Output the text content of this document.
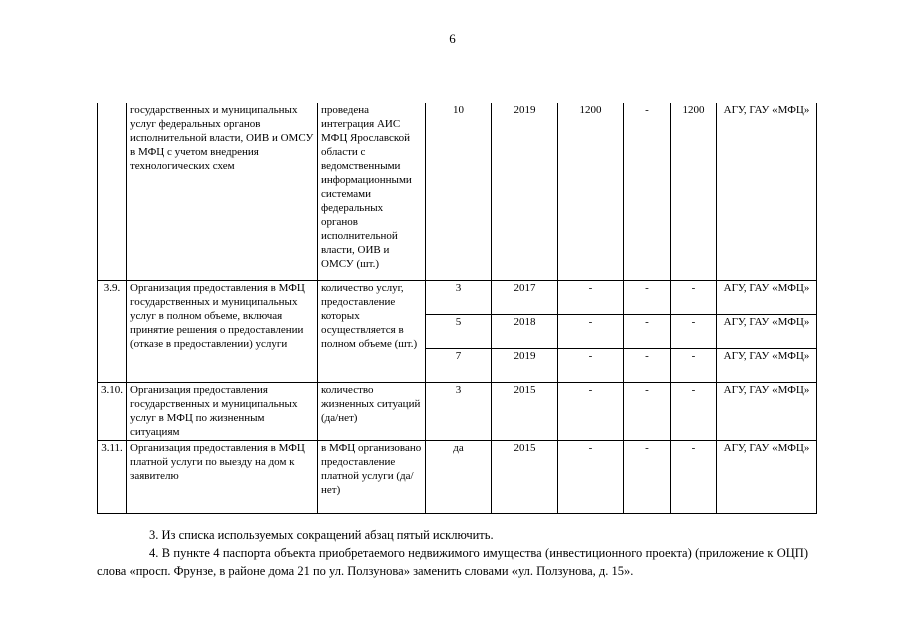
6
	государственных и муниципальных услуг федеральных органов исполнительной власти, ОИВ и ОМСУ в МФЦ с учетом внедрения технологических схем	проведена интеграция АИС МФЦ Ярославской области с ведомственными информационными системами федеральных органов исполнительной власти, ОИВ и ОМСУ (шт.)	10	2019	1200	-	1200	АГУ, ГАУ «МФЦ»
3.9.	Организация предоставления в МФЦ государственных и муниципальных услуг в полном объеме, включая принятие решения о предоставлении (отказе в предоставлении) услуги	количество услуг, предоставление которых осуществляется в полном объеме (шт.)	3	2017	-	-	-	АГУ, ГАУ «МФЦ»
			5	2018	-	-	-	АГУ, ГАУ «МФЦ»
			7	2019	-	-	-	АГУ, ГАУ «МФЦ»
3.10.	Организация предоставления государственных и муниципальных услуг в МФЦ по жизненным ситуациям	количество жизненных ситуаций (да/нет)	3	2015	-	-	-	АГУ, ГАУ «МФЦ»
3.11.	Организация предоставления в МФЦ платной услуги по выезду на дом к заявителю	в МФЦ организовано предоставление платной услуги (да/нет)	да	2015	-	-	-	АГУ, ГАУ «МФЦ»
3. Из списка используемых сокращений абзац пятый исключить.
4. В пункте 4 паспорта объекта приобретаемого недвижимого имущества (инвестиционного проекта) (приложение к ОЦП) слова «просп. Фрунзе, в районе дома 21 по ул. Ползунова» заменить словами «ул. Ползунова, д. 15».
